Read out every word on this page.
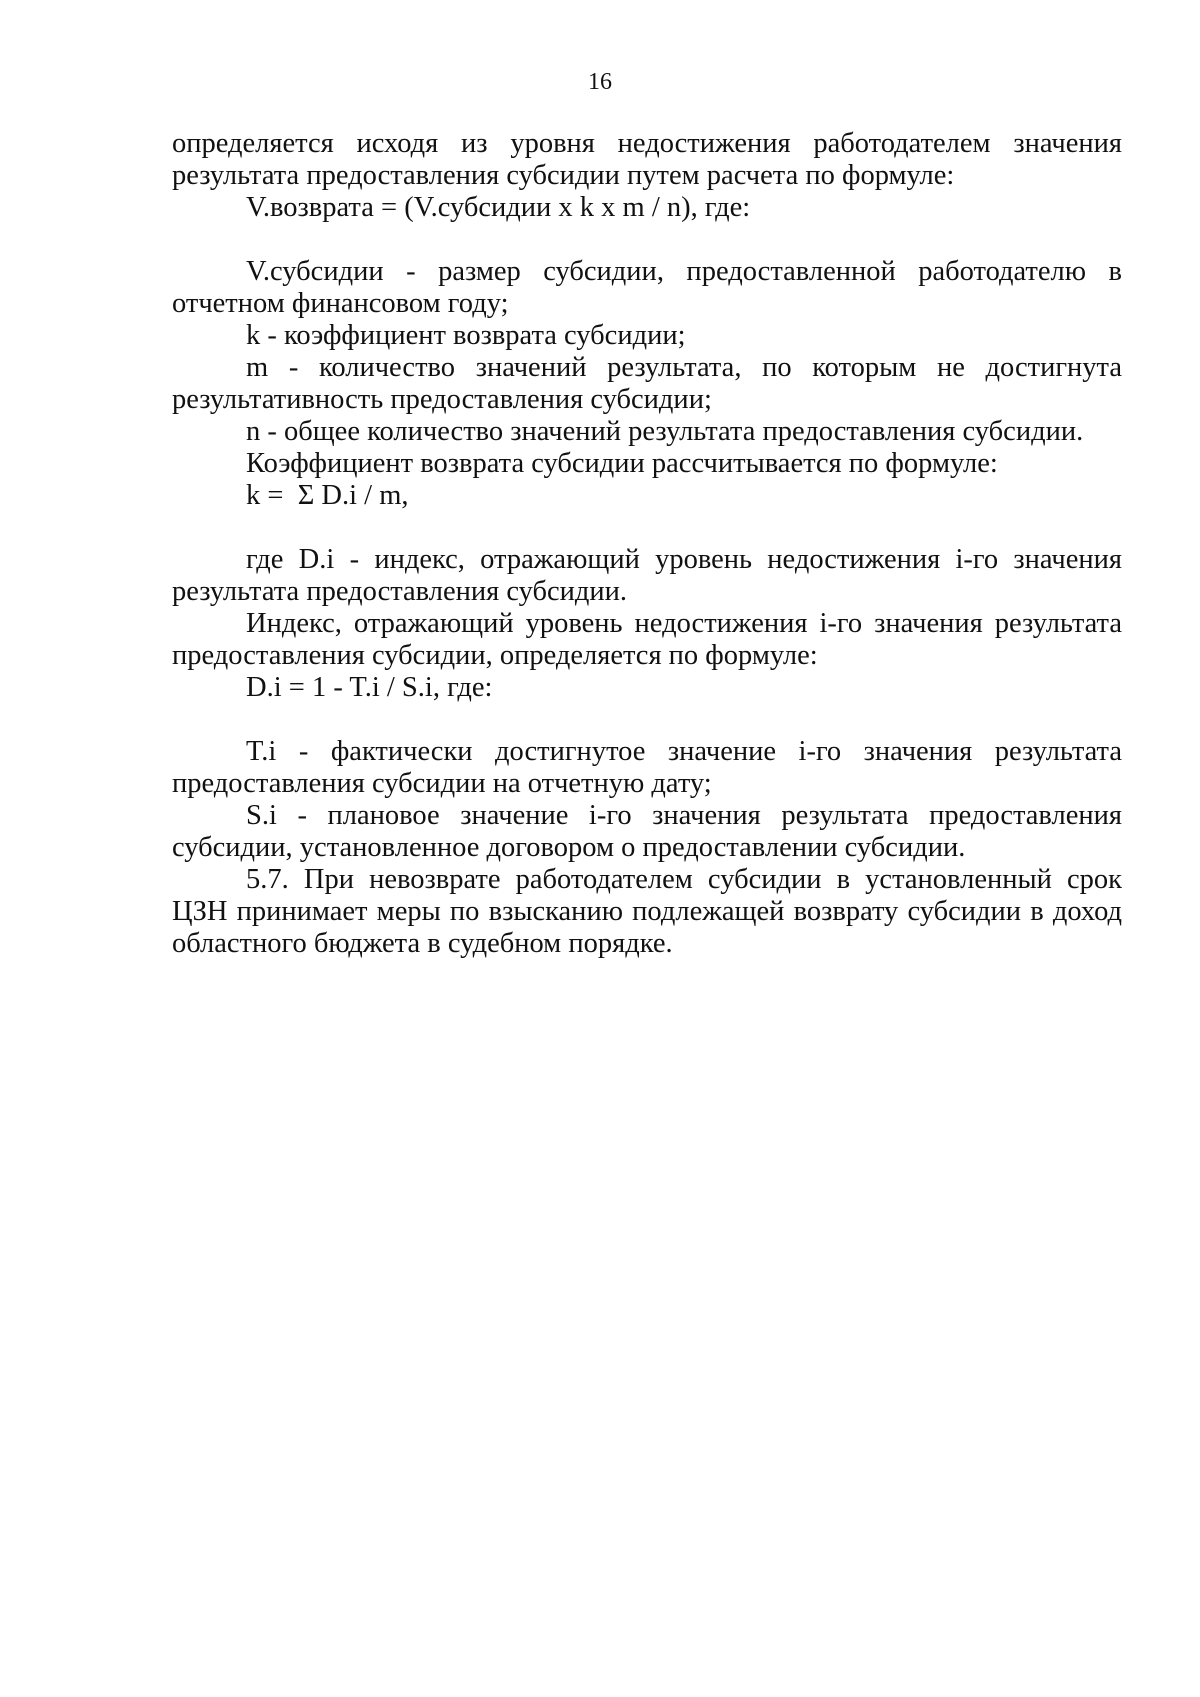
16

определяется исходя из уровня недостижения работодателем значения результата предоставления субсидии путем расчета по формуле:

V.возврата = (V.субсидии x k x m / n), где:

V.субсидии - размер субсидии, предоставленной работодателю в отчетном финансовом году;

k - коэффициент возврата субсидии;

m - количество значений результата, по которым не достигнута результативность предоставления субсидии;

n - общее количество значений результата предоставления субсидии.

Коэффициент возврата субсидии рассчитывается по формуле:

k =  Σ D.i / m,

где D.i - индекс, отражающий уровень недостижения i-го значения результата предоставления субсидии.

Индекс, отражающий уровень недостижения i-го значения результата предоставления субсидии, определяется по формуле:

D.i = 1 - T.i / S.i, где:

T.i - фактически достигнутое значение i-го значения результата предоставления субсидии на отчетную дату;

S.i - плановое значение i-го значения результата предоставления субсидии, установленное договором о предоставлении субсидии.

5.7. При невозврате работодателем субсидии в установленный срок ЦЗН принимает меры по взысканию подлежащей возврату субсидии в доход областного бюджета в судебном порядке.
